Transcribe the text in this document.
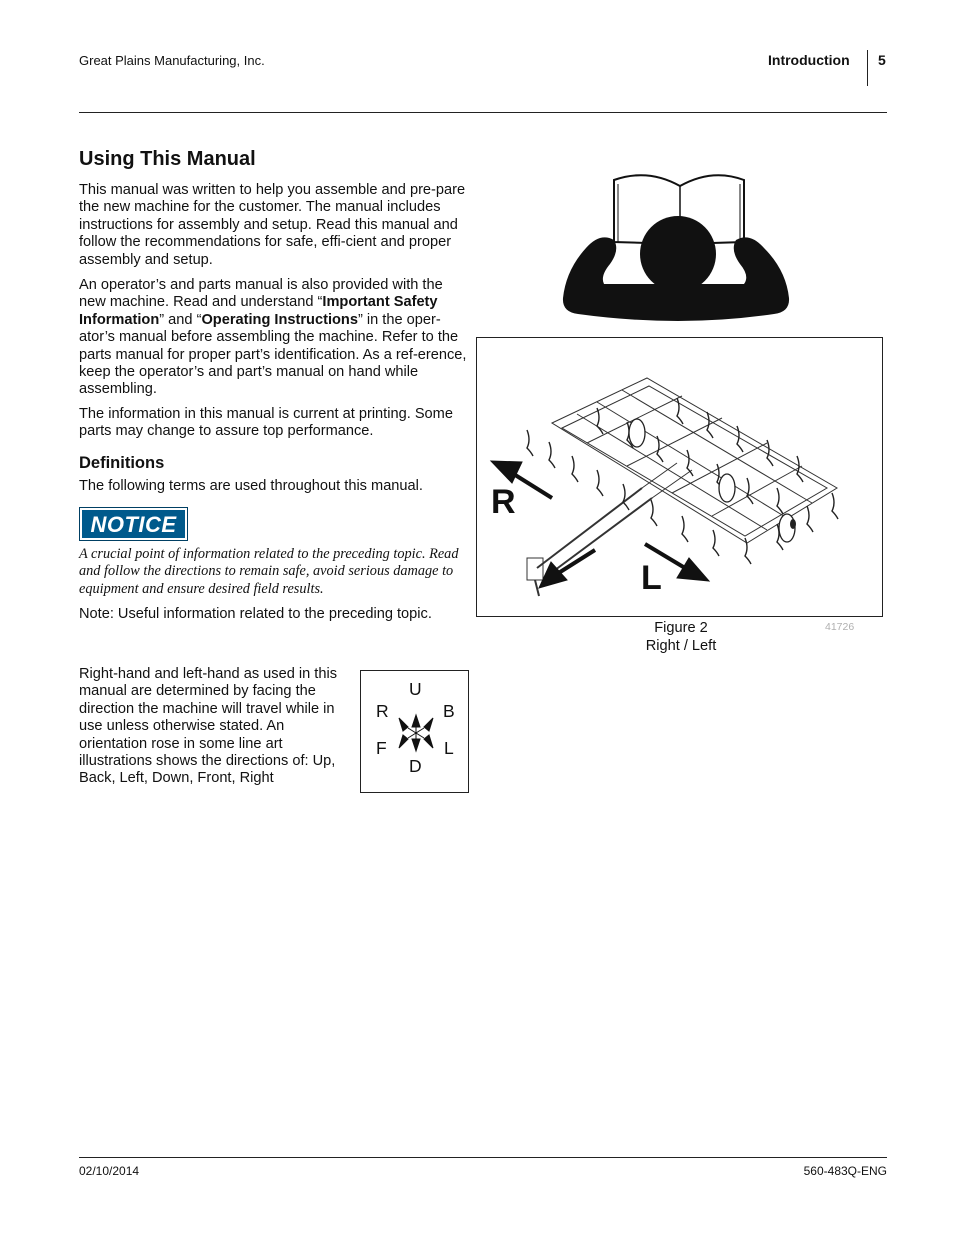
Great Plains Manufacturing, Inc.	Introduction 5
Using This Manual
This manual was written to help you assemble and pre-pare the new machine for the customer. The manual includes instructions for assembly and setup. Read this manual and follow the recommendations for safe, effi-cient and proper assembly and setup.
An operator’s and parts manual is also provided with the new machine. Read and understand “Important Safety Information” and “Operating Instructions” in the oper-ator’s manual before assembling the machine. Refer to the parts manual for proper part’s identification. As a ref-erence, keep the operator’s and part’s manual on hand while assembling.
The information in this manual is current at printing. Some parts may change to assure top performance.
Definitions
The following terms are used throughout this manual.
NOTICE
A crucial point of information related to the preceding topic. Read and follow the directions to remain safe, avoid serious damage to equipment and ensure desired field results.
Note: Useful information related to the preceding topic.
Right-hand and left-hand as used in this manual are determined by facing the direction the machine will travel while in use unless otherwise stated. An orientation rose in some line art illustrations shows the directions of: Up, Back, Left, Down, Front, Right
U
R	B
F	L
D
R
L
Figure 2
Right / Left
41726
02/10/2014	560-483Q-ENG
